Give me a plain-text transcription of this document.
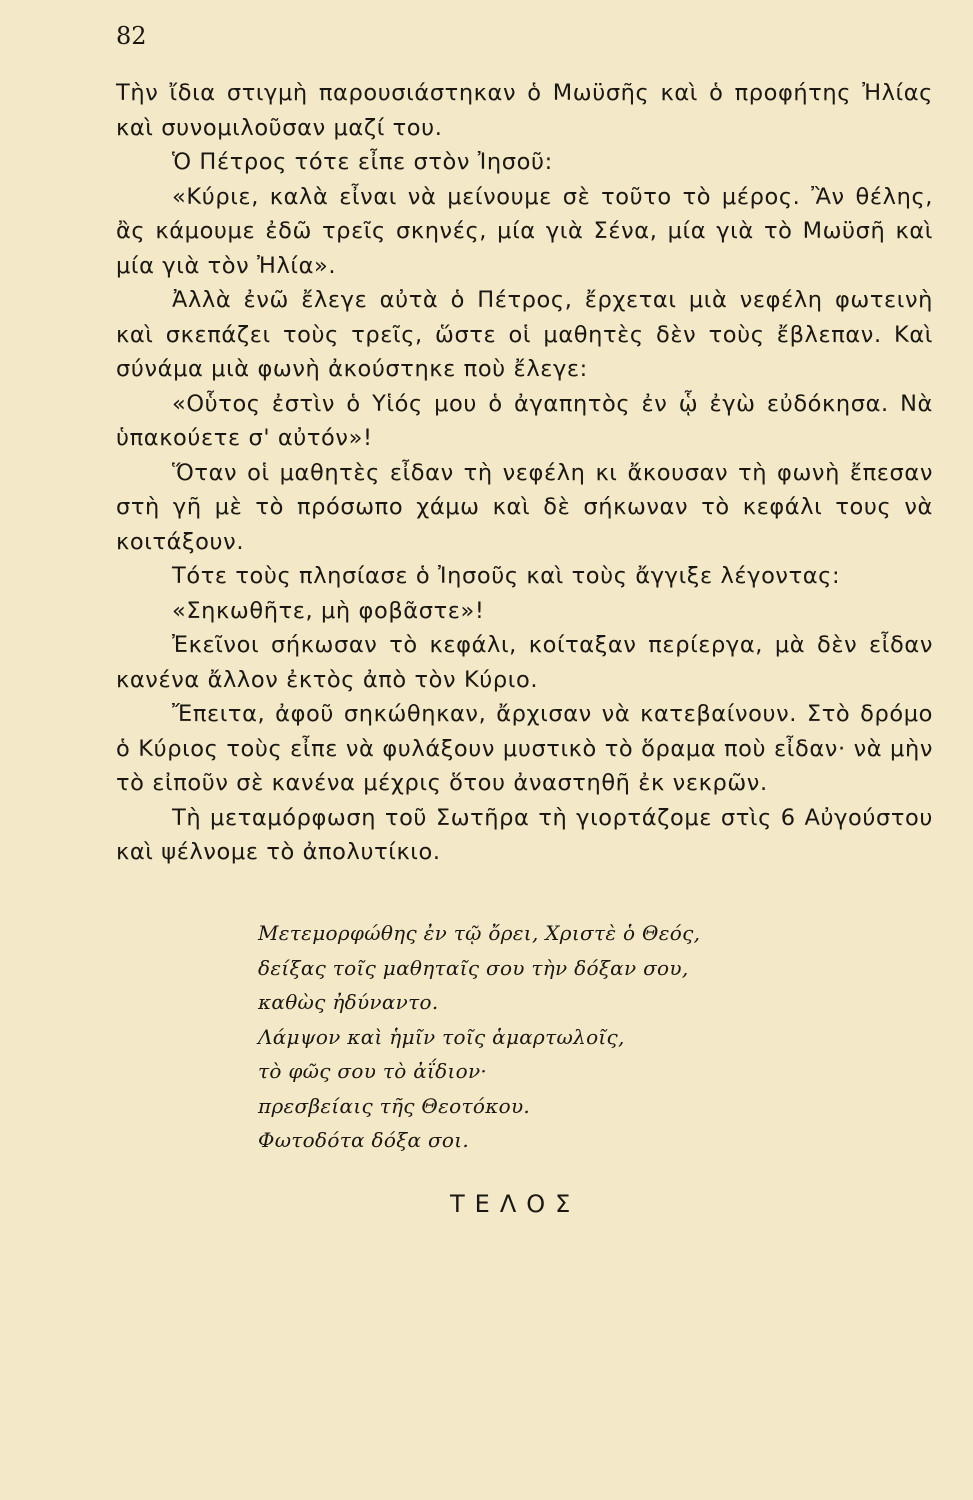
82

Τὴν ἴδια στιγμὴ παρουσιάστηκαν ὁ Μωϋσῆς καὶ ὁ προφήτης Ἠλίας καὶ συνομιλοῦσαν μαζί του.

Ὁ Πέτρος τότε εἶπε στὸν Ἰησοῦ:

«Κύριε, καλὰ εἶναι νὰ μείνουμε σὲ τοῦτο τὸ μέρος. Ἂν θέλης, ἂς κάμουμε ἐδῶ τρεῖς σκηνές, μία γιὰ Σένα, μία γιὰ τὸ Μωϋσῆ καὶ μία γιὰ τὸν Ἠλία».

Ἀλλὰ ἐνῶ ἔλεγε αὐτὰ ὁ Πέτρος, ἔρχεται μιὰ νεφέλη φωτεινὴ καὶ σκεπάζει τοὺς τρεῖς, ὥστε οἱ μαθητὲς δὲν τοὺς ἔβλεπαν. Καὶ σύνάμα μιὰ φωνὴ ἀκούστηκε ποὺ ἔλεγε:

«Οὗτος ἐστὶν ὁ Υἱός μου ὁ ἀγαπητὸς ἐν ᾧ ἐγὼ εὐδόκησα. Νὰ ὑπακούετε σ' αὐτόν»!

Ὅταν οἱ μαθητὲς εἶδαν τὴ νεφέλη κι ἄκουσαν τὴ φωνὴ ἔπεσαν στὴ γῆ μὲ τὸ πρόσωπο χάμω καὶ δὲ σήκωναν τὸ κεφάλι τους νὰ κοιτάξουν.

Τότε τοὺς πλησίασε ὁ Ἰησοῦς καὶ τοὺς ἄγγιξε λέγοντας:

«Σηκωθῆτε, μὴ φοβᾶστε»!

Ἐκεῖνοι σήκωσαν τὸ κεφάλι, κοίταξαν περίεργα, μὰ δὲν εἶδαν κανένα ἄλλον ἐκτὸς ἀπὸ τὸν Κύριο.

Ἔπειτα, ἀφοῦ σηκώθηκαν, ἄρχισαν νὰ κατεβαίνουν. Στὸ δρόμο ὁ Κύριος τοὺς εἶπε νὰ φυλάξουν μυστικὸ τὸ ὅραμα ποὺ εἶδαν· νὰ μὴν τὸ εἰποῦν σὲ κανένα μέχρις ὅτου ἀναστηθῆ ἐκ νεκρῶν.

Τὴ μεταμόρφωση τοῦ Σωτῆρα τὴ γιορτάζομε στὶς 6 Αὐγούστου καὶ ψέλνομε τὸ ἀπολυτίκιο.

Μετεμορφώθης ἐν τῷ ὄρει, Χριστὲ ὁ Θεός,
δείξας τοῖς μαθηταῖς σου τὴν δόξαν σου,
καθὼς ἠδύναντο.
Λάμψον καὶ ἡμῖν τοῖς ἁμαρτωλοῖς,
τὸ φῶς σου τὸ ἀΐδιον·
πρεσβείαις τῆς Θεοτόκου.
Φωτοδότα δόξα σοι.
ΤΕΛΟΣ
